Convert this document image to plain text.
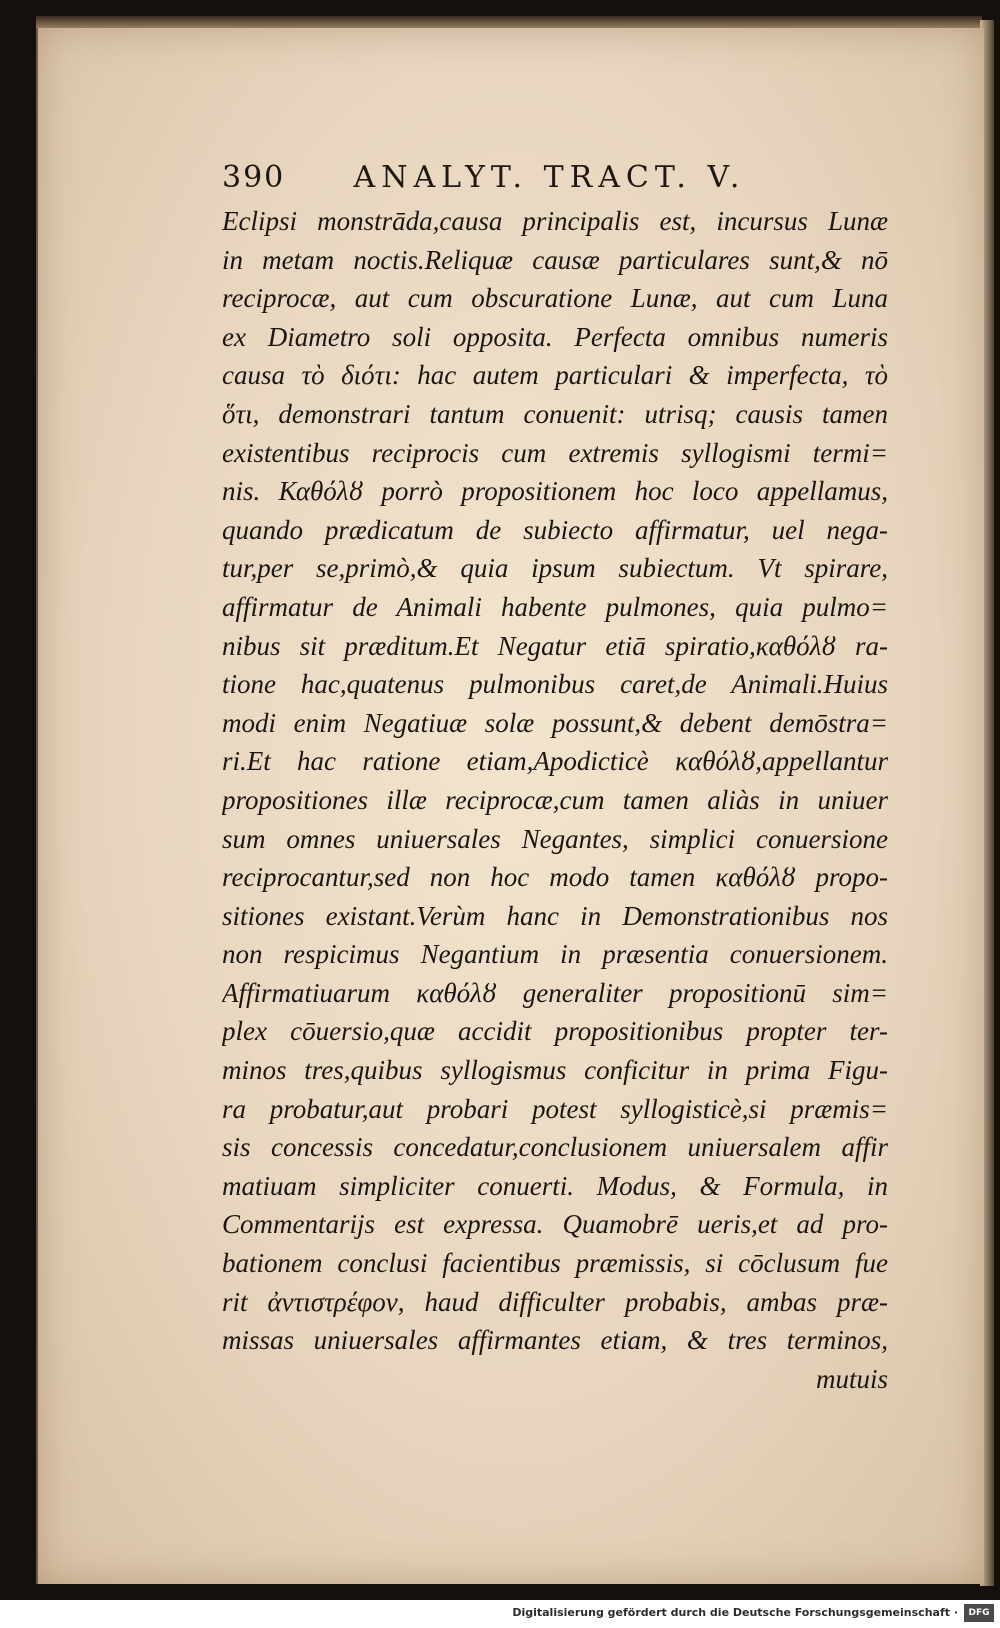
390 ANALYT. TRACT. V.
Eclipsi monstrāda,causa principalis est, incursus Lunæ
in metam noctis.Reliquæ causæ particulares sunt,& nō
reciprocæ, aut cum obscuratione Lunæ, aut cum Luna
ex Diametro soli opposita. Perfecta omnibus numeris
causa τὸ διότι: hac autem particulari & imperfecta, τὸ
ὅτι, demonstrari tantum conuenit: utrisq; causis tamen
existentibus reciprocis cum extremis syllogismi termi=
nis. Καθόλȣ porrò propositionem hoc loco appellamus,
quando prædicatum de subiecto affirmatur, uel nega-
tur,per se,primò,& quia ipsum subiectum. Vt spirare,
affirmatur de Animali habente pulmones, quia pulmo=
nibus sit præditum.Et Negatur etiā spiratio,καθόλȣ ra-
tione hac,quatenus pulmonibus caret,de Animali.Huius
modi enim Negatiuæ solæ possunt,& debent demōstra=
ri.Et hac ratione etiam,Apodicticè καθόλȣ,appellantur
propositiones illæ reciprocæ,cum tamen aliàs in uniuer
sum omnes uniuersales Negantes, simplici conuersione
reciprocantur,sed non hoc modo tamen καθόλȣ propo-
sitiones existant.Verùm hanc in Demonstrationibus nos
non respicimus Negantium in præsentia conuersionem.
Affirmatiuarum καθόλȣ generaliter propositionū sim=
plex cōuersio,quæ accidit propositionibus propter ter-
minos tres,quibus syllogismus conficitur in prima Figu-
ra probatur,aut probari potest syllogisticè,si præmis=
sis concessis concedatur,conclusionem uniuersalem affir
matiuam simpliciter conuerti. Modus, & Formula, in
Commentarijs est expressa. Quamobrē ueris,et ad pro-
bationem conclusi facientibus præmissis, si cōclusum fue
rit ἀντιστρέφον, haud difficulter probabis, ambas præ-
missas uniuersales affirmantes etiam, & tres terminos,
mutuis
Digitalisierung gefördert durch die Deutsche Forschungsgemeinschaft ·	DFG
